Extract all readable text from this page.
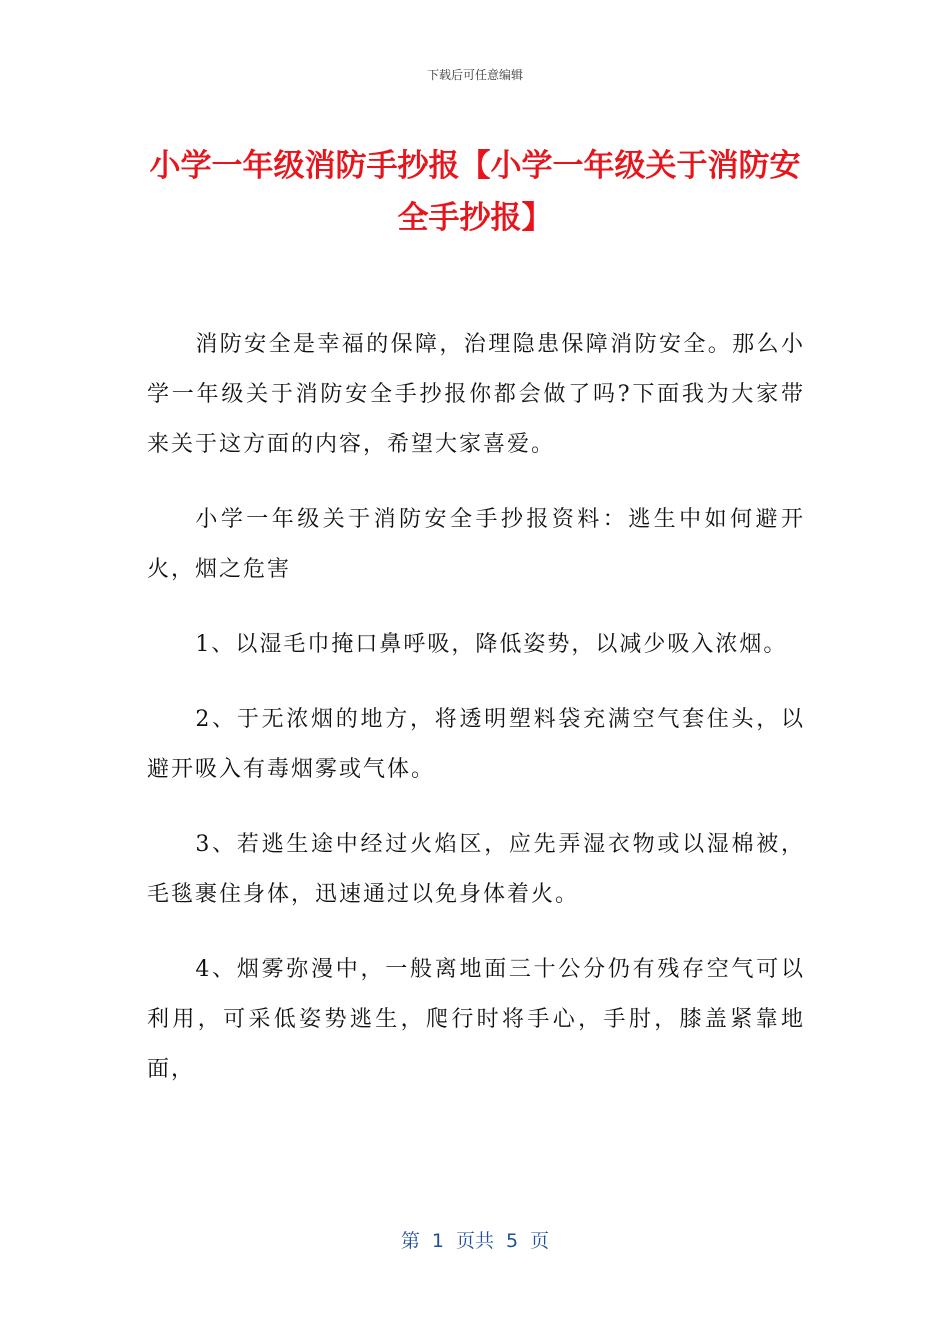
下载后可任意编辑
小学一年级消防手抄报【小学一年级关于消防安全手抄报】

消防安全是幸福的保障，治理隐患保障消防安全。那么小学一年级关于消防安全手抄报你都会做了吗?下面我为大家带来关于这方面的内容，希望大家喜爱。

小学一年级关于消防安全手抄报资料：逃生中如何避开火，烟之危害

1、以湿毛巾掩口鼻呼吸，降低姿势，以减少吸入浓烟。

2、于无浓烟的地方，将透明塑料袋充满空气套住头，以避开吸入有毒烟雾或气体。

3、若逃生途中经过火焰区，应先弄湿衣物或以湿棉被，毛毯裹住身体，迅速通过以免身体着火。

4、烟雾弥漫中，一般离地面三十公分仍有残存空气可以利用，可采低姿势逃生，爬行时将手心，手肘，膝盖紧靠地面，

第 1 页共 5 页
